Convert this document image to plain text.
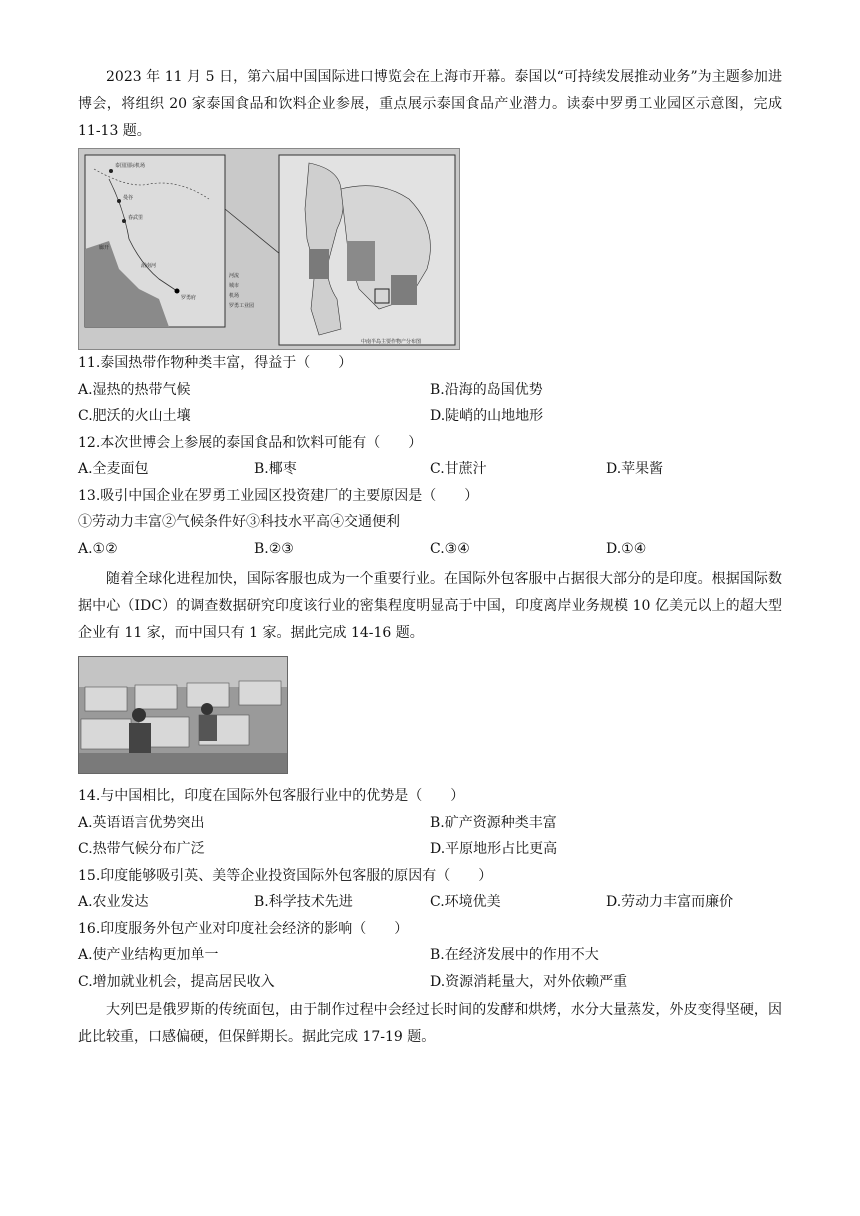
2023 年 11 月 5 日，第六届中国国际进口博览会在上海市开幕。泰国以“可持续发展推动业务”为主题参加进博会，将组织 20 家泰国食品和饮料企业参展，重点展示泰国食品产业潜力。读泰中罗勇工业园区示意图，完成 11-13 题。

泰国国际机场
曼谷
春武里
廊开
湄南河
罗勇府
河流
城市
机场
罗勇工业园
中南半岛主要作物产分布图
11.泰国热带作物种类丰富，得益于（　　）
A.湿热的热带气候	B.沿海的岛国优势
C.肥沃的火山土壤	D.陡峭的山地地形
12.本次世博会上参展的泰国食品和饮料可能有（　　）
A.全麦面包	B.椰枣	C.甘蔗汁	D.苹果酱
13.吸引中国企业在罗勇工业园区投资建厂的主要原因是（　　）
①劳动力丰富②气候条件好③科技水平高④交通便利
A.①②	B.②③	C.③④	D.①④

随着全球化进程加快，国际客服也成为一个重要行业。在国际外包客服中占据很大部分的是印度。根据国际数据中心（IDC）的调查数据研究印度该行业的密集程度明显高于中国，印度离岸业务规模 10 亿美元以上的超大型企业有 11 家，而中国只有 1 家。据此完成 14-16 题。

14.与中国相比，印度在国际外包客服行业中的优势是（　　）
A.英语语言优势突出	B.矿产资源种类丰富
C.热带气候分布广泛	D.平原地形占比更高
15.印度能够吸引英、美等企业投资国际外包客服的原因有（　　）
A.农业发达	B.科学技术先进	C.环境优美	D.劳动力丰富而廉价
16.印度服务外包产业对印度社会经济的影响（　　）
A.使产业结构更加单一	B.在经济发展中的作用不大
C.增加就业机会，提高居民收入	D.资源消耗量大，对外依赖严重

大列巴是俄罗斯的传统面包，由于制作过程中会经过长时间的发酵和烘烤，水分大量蒸发，外皮变得坚硬，因此比较重，口感偏硬，但保鲜期长。据此完成 17-19 题。
